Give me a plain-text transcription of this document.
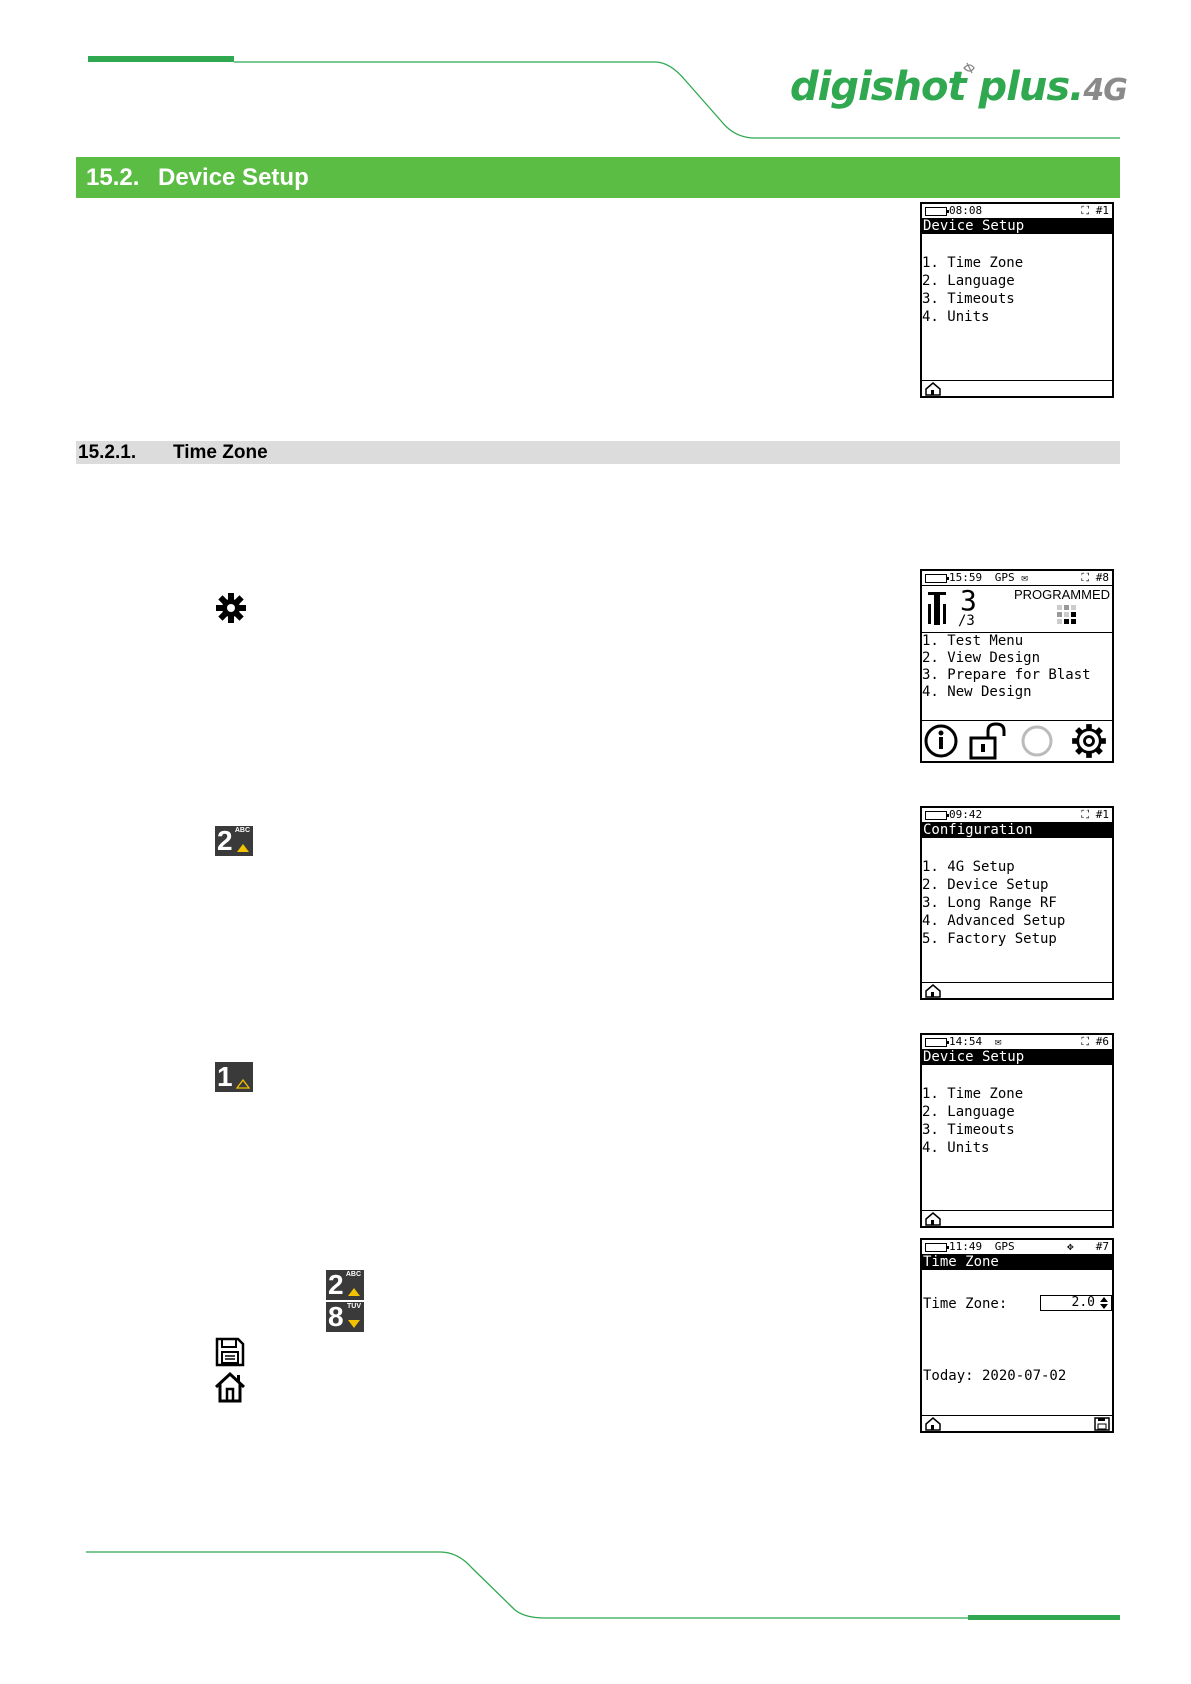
digishot plus.4G
15.2. Device Setup
08:08	⛶ #1
Device Setup
1. Time Zone
2. Language
3. Timeouts
4. Units
15.2.1. Time Zone
15:59 GPS ✉	⛶ #8
3
/3
PROGRAMMED
1. Test Menu
2. View Design
3. Prepare for Blast
4. New Design
2 ABC
09:42	⛶ #1
Configuration
1. 4G Setup
2. Device Setup
3. Long Range RF
4. Advanced Setup
5. Factory Setup
1
14:54 ✉	⛶ #6
Device Setup
1. Time Zone
2. Language
3. Timeouts
4. Units
2 ABC
8 TUV
11:49 GPS	✥ #7
Time Zone
Time Zone:	2.0
Today: 2020-07-02
